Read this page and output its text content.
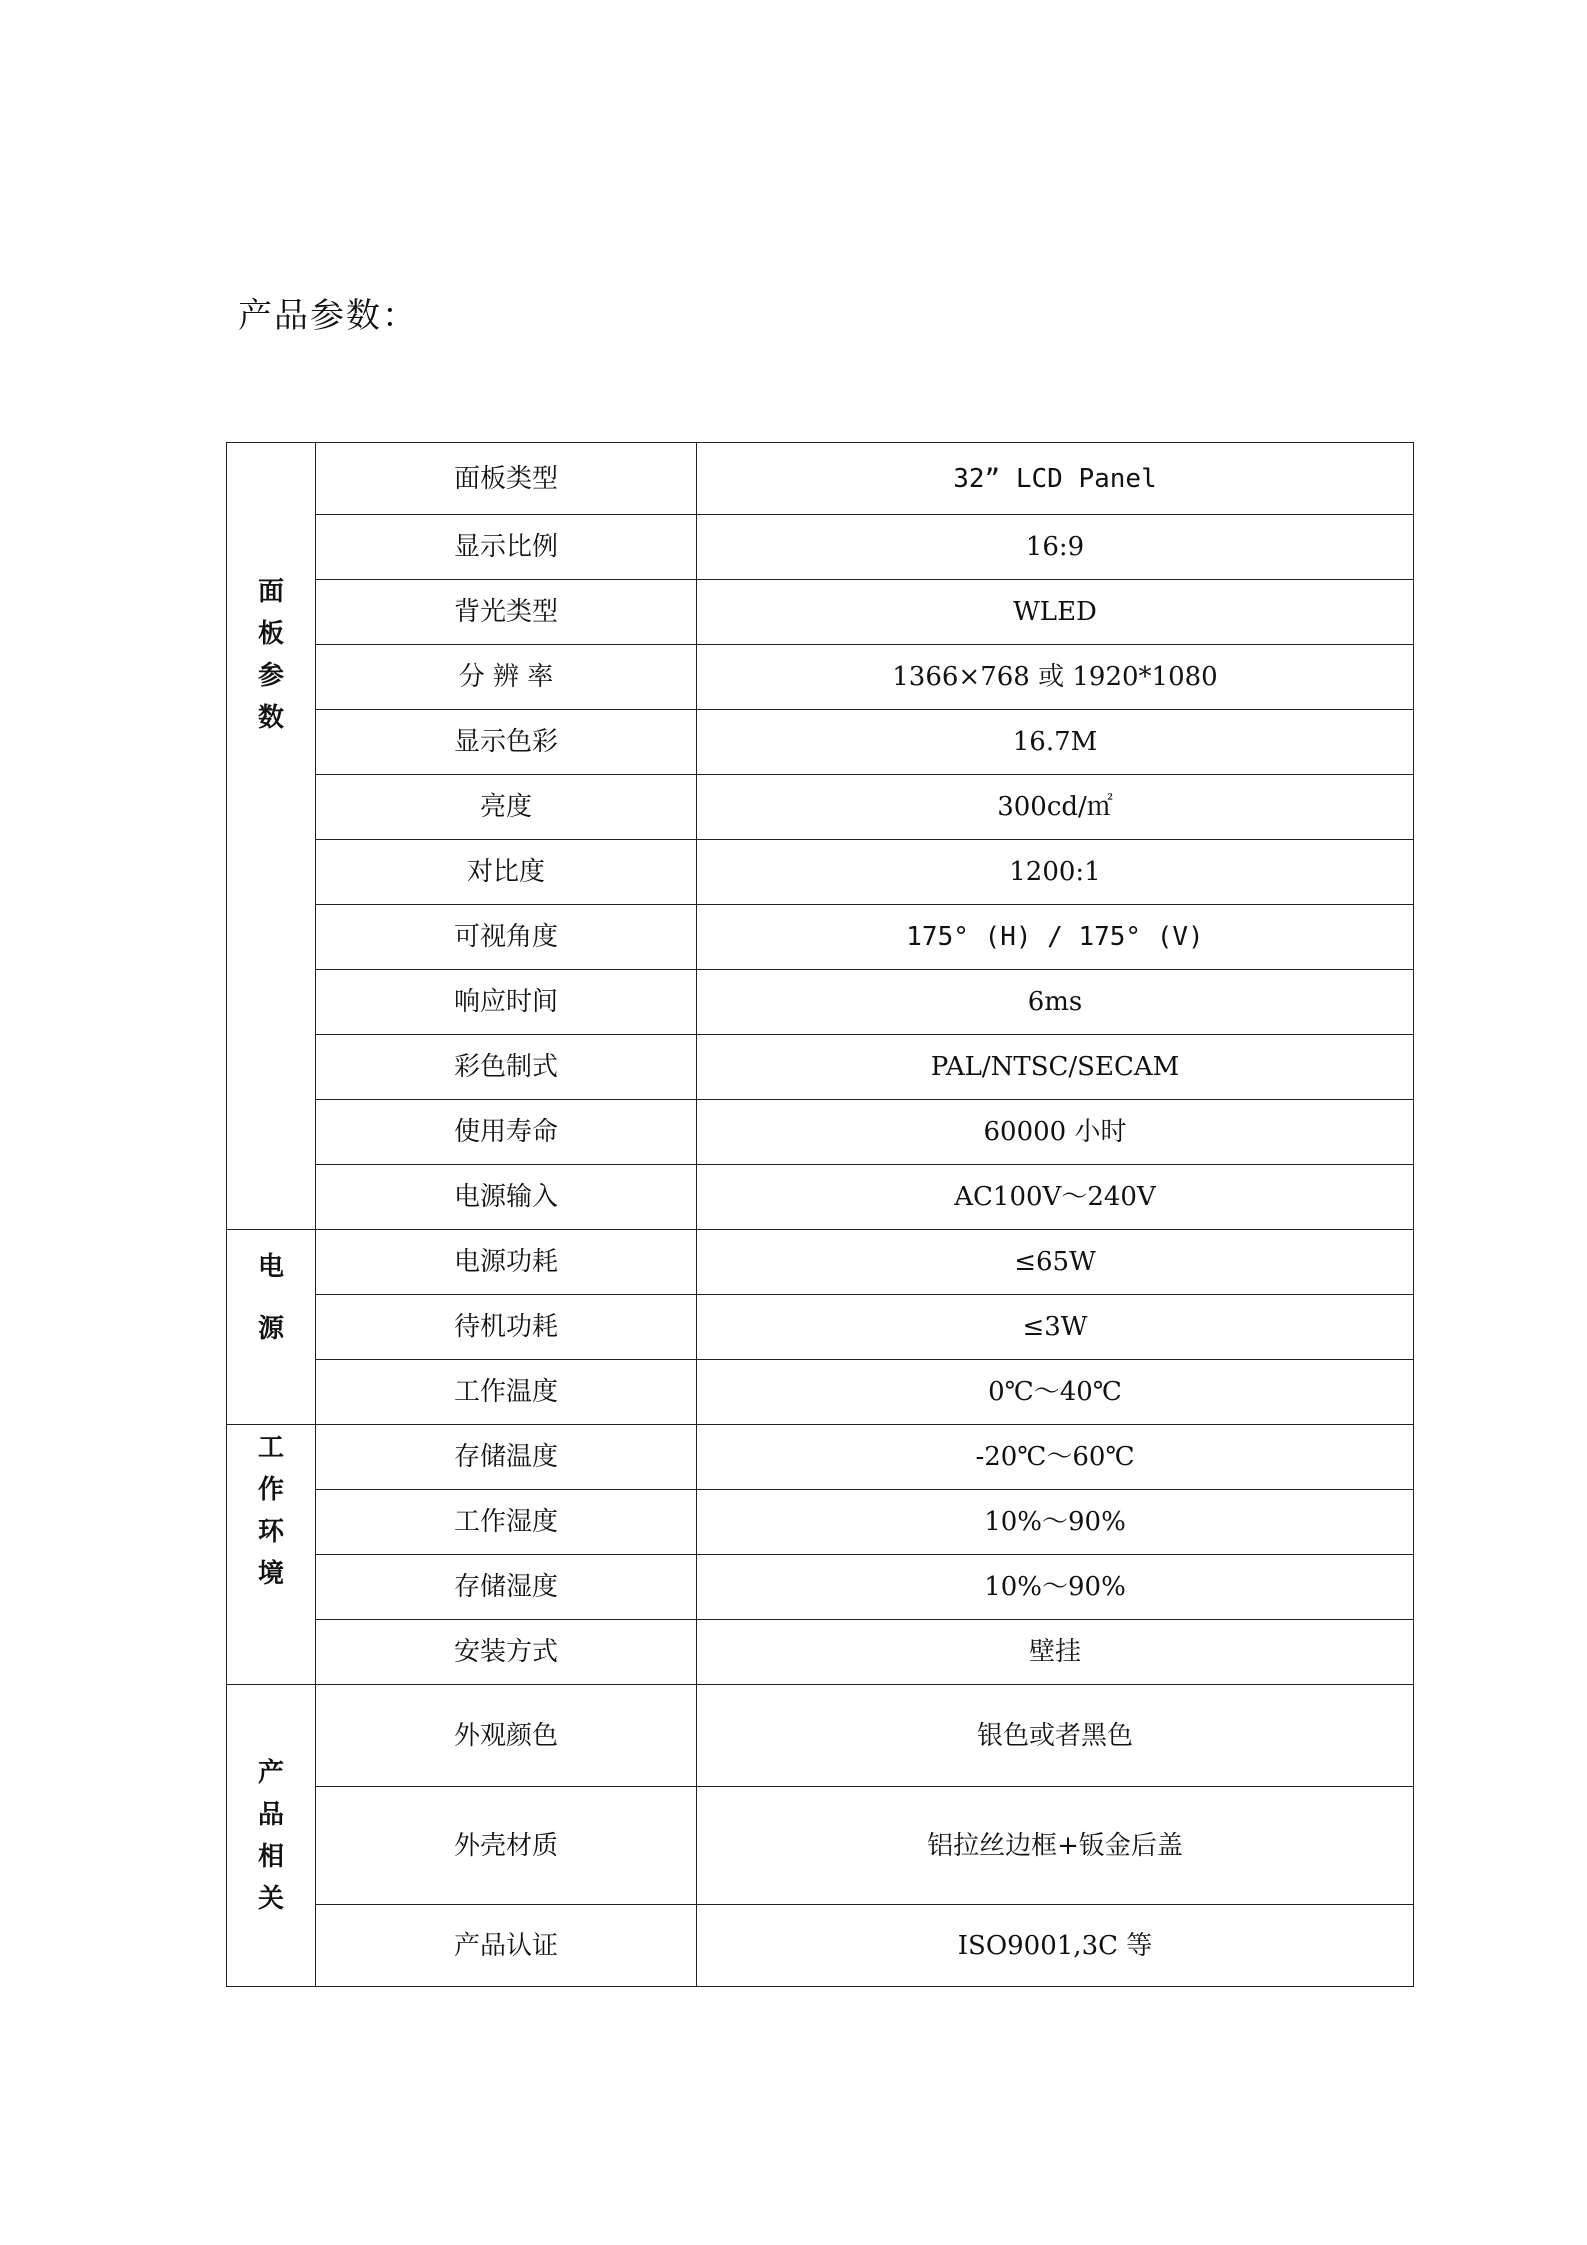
产品参数：
面板参数	面板类型	32” LCD Panel
	显示比例	16:9
	背光类型	WLED
	分 辨 率	1366×768 或 1920*1080
	显示色彩	16.7M
	亮度	300cd/㎡
	对比度	1200:1
	可视角度	175° (H) / 175° (V)
	响应时间	6ms
	彩色制式	PAL/NTSC/SECAM
	使用寿命	60000 小时
	电源输入	AC100V～240V
电源	电源功耗	≤65W
	待机功耗	≤3W
	工作温度	0℃～40℃
工作环境	存储温度	-20℃～60℃
	工作湿度	10%～90%
	存储湿度	10%～90%
	安装方式	壁挂
产品相关	外观颜色	银色或者黑色
	外壳材质	铝拉丝边框+钣金后盖
	产品认证	ISO9001,3C 等
